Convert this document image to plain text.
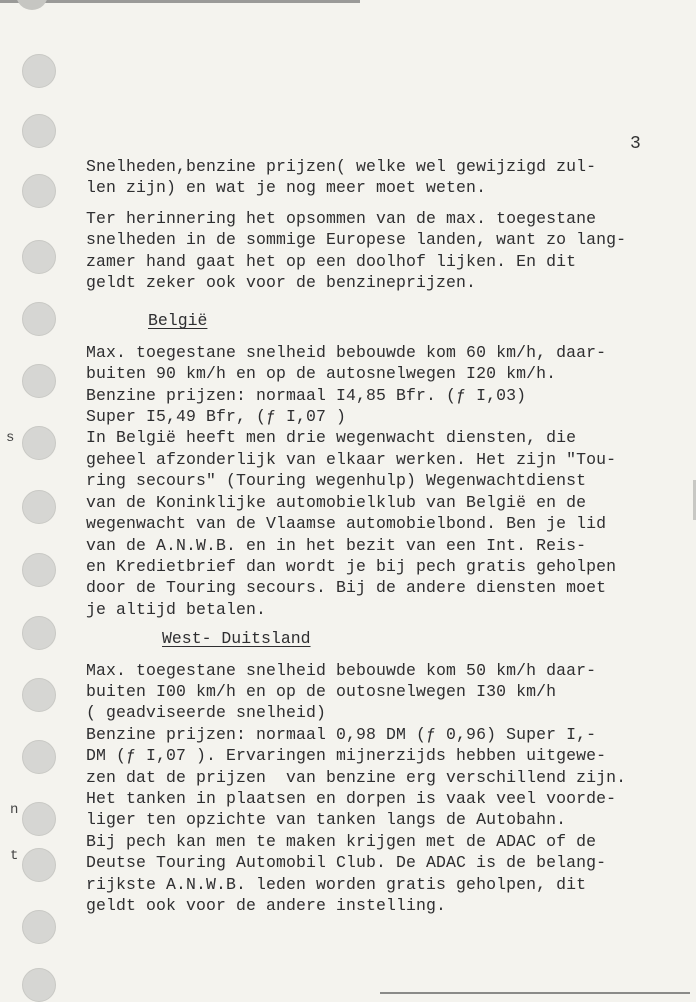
s
n
t
3
Snelheden,benzine prijzen( welke wel gewijzigd zul-
len zijn) en wat je nog meer moet weten.
Ter herinnering het opsommen van de max. toegestane
snelheden in de sommige Europese landen, want zo lang-
zamer hand gaat het op een doolhof lijken. En dit
geldt zeker ook voor de benzineprijzen.
België
Max. toegestane snelheid bebouwde kom 60 km/h, daar-
buiten 90 km/h en op de autosnelwegen I20 km/h.
Benzine prijzen: normaal I4,85 Bfr. (ƒ I,03)
Super I5,49 Bfr, (ƒ I,07 )
In België heeft men drie wegenwacht diensten, die
geheel afzonderlijk van elkaar werken. Het zijn "Tou-
ring secours" (Touring wegenhulp) Wegenwachtdienst
van de Koninklijke automobielklub van België en de
wegenwacht van de Vlaamse automobielbond. Ben je lid
van de A.N.W.B. en in het bezit van een Int. Reis-
en Kredietbrief dan wordt je bij pech gratis geholpen
door de Touring secours. Bij de andere diensten moet
je altijd betalen.
West- Duitsland
Max. toegestane snelheid bebouwde kom 50 km/h daar-
buiten I00 km/h en op de outosnelwegen I30 km/h
( geadviseerde snelheid)
Benzine prijzen: normaal 0,98 DM (ƒ 0,96) Super I,-
DM (ƒ I,07 ). Ervaringen mijnerzijds hebben uitgewe-
zen dat de prijzen  van benzine erg verschillend zijn.
Het tanken in plaatsen en dorpen is vaak veel voorde-
liger ten opzichte van tanken langs de Autobahn.
Bij pech kan men te maken krijgen met de ADAC of de
Deutse Touring Automobil Club. De ADAC is de belang-
rijkste A.N.W.B. leden worden gratis geholpen, dit
geldt ook voor de andere instelling.
